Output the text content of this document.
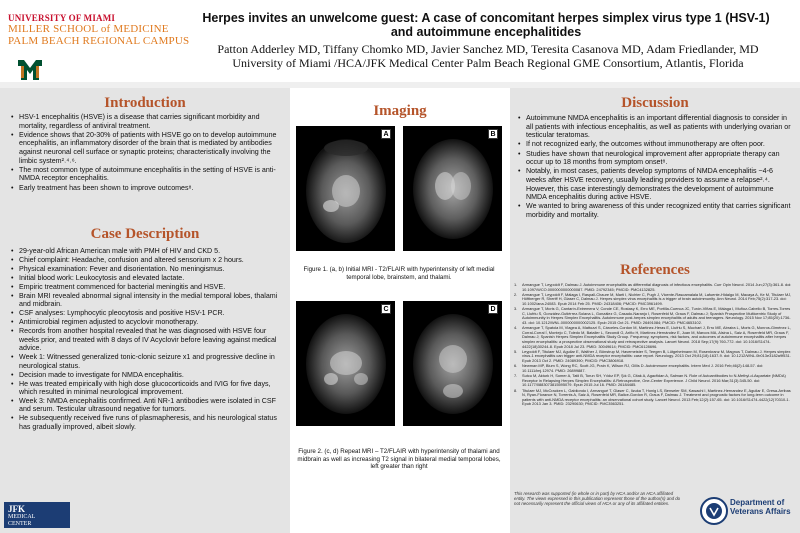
UNIVERSITY OF MIAMI
MILLER SCHOOL of MEDICINE
PALM BEACH REGIONAL CAMPUS
Herpes invites an unwelcome guest: A case of concomitant herpes simplex virus type 1 (HSV-1) and autoimmune encephalitides
Patton Adderley MD, Tiffany Chomko MD, Javier Sanchez MD, Teresita Casanova MD, Adam Friedlander, MD
University of Miami /HCA/JFK Medical Center Palm Beach Regional GME Consortium, Atlantis, Florida
Introduction
• HSV-1 encephalitis (HSVE) is a disease that carries significant morbidity and mortality, regardless of antiviral treatment.
• Evidence shows that 20-30% of patients with HSVE go on to develop autoimmune encephalitis, an inflammatory disorder of the brain that is mediated by antibodies against neuronal cell surface or synaptic proteins; characteristically involving the limbic system²˒⁴˒⁶.
• The most common type of autoimmune encephalitis in the setting of HSVE is anti-NMDA receptor encephalitis.
• Early treatment has been shown to improve outcomes⁸.
Case Description
• 29-year-old African American male with PMH of HIV and CKD 5.
• Chief complaint: Headache, confusion and altered sensorium x 2 hours.
• Physical examination: Fever and disorientation. No meningismus.
• Initial blood work: Leukocytosis and elevated lactate.
• Empiric treatment commenced for bacterial meningitis and HSVE.
• Brain MRI revealed abnormal signal intensity in the medial temporal lobes, thalami and midbrain.
• CSF analyses: Lymphocytic pleocytosis and positive HSV-1 PCR.
• Antimicrobial regimen adjusted to acyclovir monotherapy.
• Records from another hospital revealed that he was diagnosed with HSVE four weeks prior, and treated with 8 days of IV Acyclovir before leaving against medical advice.
• Week 1: Witnessed generalized tonic-clonic seizure x1 and progressive decline in neurological status.
• Decision made to investigate for NMDA encephalitis.
• He was treated empirically with high dose glucocorticoids and IVIG for five days, which resulted in minimal neurological improvement.
• Week 3: NMDA encephalitis confirmed. Anti NR-1 antibodies were isolated in CSF and serum. Testicular ultrasound negative for tumors.
• He subsequently received five runs of plasmapheresis, and his neurological status has gradually improved, albeit slowly.
JFK
MEDICAL
CENTER
Imaging
A	B
Figure 1. (a, b) Initial MRI - T2/FLAIR with hyperintensity of left medial temporal lobe, brainstem, and thalami.
C	D
Figure 2. (c, d) Repeat MRI – T2/FLAIR with hyperintensity of thalami and midbrain as well as increasing T2 signal in bilateral medial temporal lobes, left greater than right
Discussion
• Autoimmune NMDA encephalitis is an important differential diagnosis to consider in all patients with infectious encephalitis, as well as patients with underlying ovarian or testicular teratomas.
• If not recognized early, the outcomes without immunotherapy are often poor.
• Studies have shown that neurological improvement after appropriate therapy can occur up to 18 months from symptom onset⁸.
• Notably, in most cases, patients develop symptoms of NMDA encephalitis ~4-6 weeks after HSVE recovery, usually leading providers to assume a relapse²˒⁴. However, this case interestingly demonstrates the development of autoimmune NMDA encephalitis during active HSVE.
• We wanted to bring awareness of this under recognized entity that carries significant morbidity and mortality.
References
1. Armangue T, Leypoldt F, Dalmau J. Autoimmune encephalitis as differential diagnosis of infectious encephalitis. Curr Opin Neurol. 2014 Jun;27(3):361-8. doi: 10.1097/WCO.0000000000000087. PMID: 24792345; PMCID: PMC4132825.
2. Armangue T, Leypoldt F, Málaga I, Raspall-Chaure M, Marti I, Nichter C, Pugh J, Vicente-Rasoamalala M, Lafuente-Hidalgo M, Macaya A, Ke M, Titulaer MJ, Höftberger R, Sheriff H, Glaser C, Dalmau J. Herpes simplex virus encephalitis is a trigger of brain autoimmunity. Ann Neurol. 2014 Feb;75(2):317-23. doi: 10.1002/ana.24083. Epub 2014 Feb 25. PMID: 24318406; PMCID: PMC3961499.
3. Armangue T, Moris G, Cantarín-Extremera V, Conde CE, Rostasy K, Erro ME, Portilla-Cuenca JC, Turón-Viñas E, Málaga I, Muñoz-Cabello B, Torres-Torres C, Llufriu S, González-Gutiérrez-Solana L, González G, Casado-Naranjo I, Rosenfeld M, Graus F, Dalmau J; Spanish Prospective Multicentric Study of Autoimmunity in Herpes Simplex Encephalitis. Autoimmune post-herpes simplex encephalitis of adults and teenagers. Neurology. 2015 Nov 17;85(20):1736-43. doi: 10.1212/WNL.0000000000002125. Epub 2015 Oct 21. PMID: 26491084; PMCID: PMC4653102.
4. Armangue T, Spatola M, Vlagea A, Mattozzi S, Cárceles-Cordon M, Martinez-Heras E, Llufriu S, Muchart J, Erro ME, Abraira L, Moris G, Monros-Giménez L, Corral-Corral Í, Montejo C, Toledo M, Bataller L, Secondi G, Ariño H, Martínez-Hernández E, Juan M, Marcos MA, Alsina L, Saiz A, Rosenfeld MR, Graus F, Dalmau J; Spanish Herpes Simplex Encephalitis Study Group. Frequency, symptoms, risk factors, and outcomes of autoimmune encephalitis after herpes simplex encephalitis: a prospective observational study and retrospective analysis. Lancet Neurol. 2018 Sep;17(9):760-772. doi: 10.1016/S1474-4422(18)30244-8. Epub 2018 Jul 23. PMID: 30049614; PMCID: PMC6128696.
5. Leypoldt F, Titulaer MJ, Aguilar E, Walther J, Bönstrup M, Havemeister S, Teegen B, Lütgehetmann M, Rosenkranz M, Magnus T, Dalmau J. Herpes simplex virus-1 encephalitis can trigger anti-NMDA receptor encephalitis: case report. Neurology. 2013 Oct 29;81(18):1637-9. doi: 10.1212/WNL.0b013e3182a9f531. Epub 2013 Oct 2. PMID: 24089390; PMCID: PMC3806918.
6. Newman MP, Blum S, Wong RC, Scott JG, Prain K, Wilson RJ, Gillis D. Autoimmune encephalitis. Intern Med J. 2016 Feb;46(2):148-57. doi: 10.1111/imj.12974. PMID: 26899887.
7. Sutcu M, Akturk H, Somer A, Tatli B, Torun SH, Yıldız EP, Şık G, Citak A, Agacfidan A, Salman N. Role of Autoantibodies to N-Methyl-d-Aspartate (NMDA) Receptor in Relapsing Herpes Simplex Encephalitis: A Retrospective, One-Center Experience. J Child Neurol. 2016 Mar;31(3):345-50. doi: 10.1177/0883073815595079. Epub 2015 Jul 16. PMID: 26184485.
8. Titulaer MJ, McCracken L, Gabilondo I, Armangué T, Glaser C, Iizuka T, Honig LS, Benseler SM, Kawachi I, Martinez-Hernandez E, Aguilar E, Gresa-Arribas N, Ryan-Florance N, Torrents A, Saiz A, Rosenfeld MR, Balice-Gordon R, Graus F, Dalmau J. Treatment and prognostic factors for long-term outcome in patients with anti-NMDA receptor encephalitis: an observational cohort study. Lancet Neurol. 2013 Feb;12(2):157-65. doi: 10.1016/S1474-4422(12)70310-1. Epub 2013 Jan 3. PMID: 23290630; PMCID: PMC3563251.
This research was supported (in whole or in part) by HCA and/or an HCA affiliated entity. The views expressed in this publication represent those of the author(s) and do not necessarily represent the official views of HCA or any of its affiliated entities.	Department of Veterans Affairs
